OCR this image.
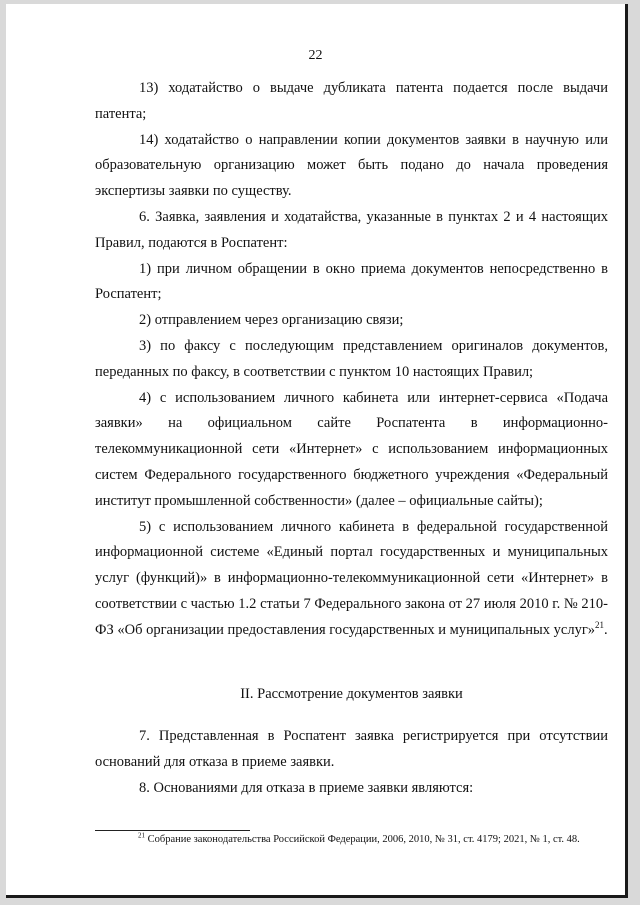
22

13) ходатайство о выдаче дубликата патента подается после выдачи патента;

14) ходатайство о направлении копии документов заявки в научную или образовательную организацию может быть подано до начала проведения экспертизы заявки по существу.

6. Заявка, заявления и ходатайства, указанные в пунктах 2 и 4 настоящих Правил, подаются в Роспатент:

1) при личном обращении в окно приема документов непосредственно в Роспатент;

2) отправлением через организацию связи;

3) по факсу с последующим представлением оригиналов документов, переданных по факсу, в соответствии с пунктом 10 настоящих Правил;

4) с использованием личного кабинета или интернет-сервиса «Подача заявки» на официальном сайте Роспатента в информационно-телекоммуникационной сети «Интернет» с использованием информационных систем Федерального государственного бюджетного учреждения «Федеральный институт промышленной собственности» (далее – официальные сайты);

5) с использованием личного кабинета в федеральной государственной информационной системе «Единый портал государственных и муниципальных услуг (функций)» в информационно-телекоммуникационной сети «Интернет» в соответствии с частью 1.2 статьи 7 Федерального закона от 27 июля 2010 г. № 210-ФЗ «Об организации предоставления государственных и муниципальных услуг»$^{21}$.

II. Рассмотрение документов заявки

7. Представленная в Роспатент заявка регистрируется при отсутствии оснований для отказа в приеме заявки.

8. Основаниями для отказа в приеме заявки являются:

$^{21}$ Собрание законодательства Российской Федерации, 2006, 2010, № 31, ст. 4179; 2021, № 1, ст. 48.
